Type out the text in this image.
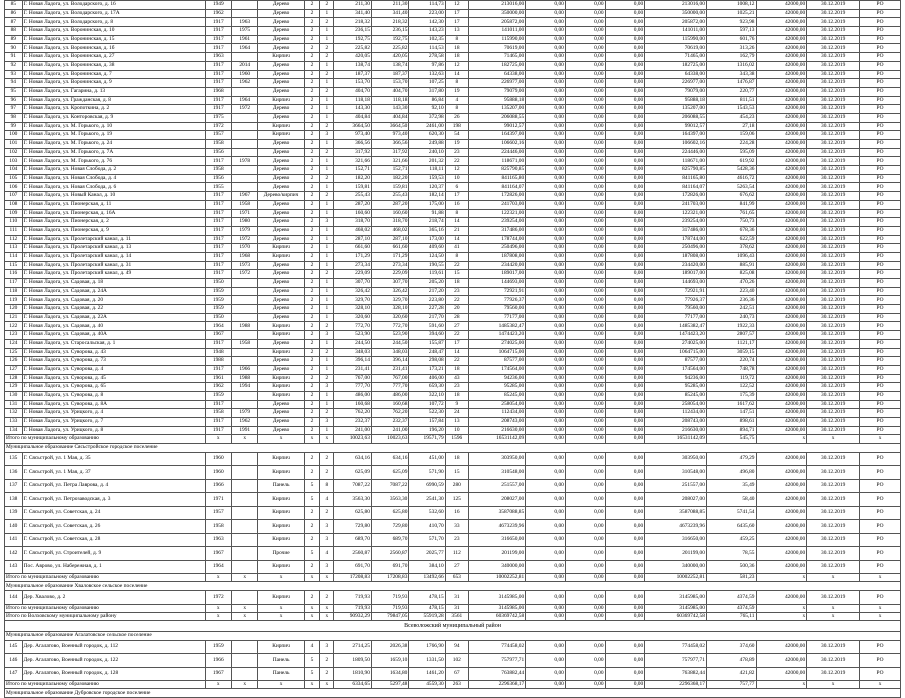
85	Г. Новая Ладога, ул. Володарского, д. 16	1949		Дерево	2	2	211,30	211,30	114,73	12	213016,00	0,00	0,00	0,00	213016,00	1008,12	42000,00	30.12.2019	РО
86	Г. Новая Ладога, ул. Володарского, д. 17А	1962		Дерево	2	1	341,40	341,40	223,00	17	350000,00	0,00	0,00	0,00	350000,00	1025,21	42000,00	30.12.2019	РО
87	Г. Новая Ладога, ул. Володарского, д. 8	1917	1963	Дерево	2	2	218,32	218,32	142,30	17	205872,00	0,00	0,00	0,00	205872,00	923,98	42000,00	30.12.2019	РО
88	Г. Новая Ладога, ул. Воронинская, д. 10	1917	1975	Дерево	2	1	236,15	236,15	143,23	13	141011,00	0,00	0,00	0,00	141011,00	597,13	42000,00	30.12.2019	РО
89	Г. Новая Ладога, ул. Воронинская, д. 15	1917	1961	Дерево	2	1	192,75	192,75	102,35	8	115990,00	0,00	0,00	0,00	115990,00	601,76	42000,00	30.12.2019	РО
90	Г. Новая Ладога, ул. Воронинская, д. 1б	1917	1964	Дерево	2	2	225,82	225,82	114,53	18	70619,00	0,00	0,00	0,00	70619,00	313,26	42000,00	30.12.2019	РО
91	Г. Новая Ладога, ул. Воронинская, д. 27	1963		Кирпич	2	2	420,05	420,05	278,58	18	71465,00	0,00	0,00	0,00	71465,00	162,79	42000,00	30.12.2019	РО
92	Г. Новая Ладога, ул. Воронинская, д. 38	1917	2014	Дерево	2	1	138,74	138,74	97,86	12	182725,00	0,00	0,00	0,00	182725,00	1316,02	42000,00	30.12.2019	РО
93	Г. Новая Ладога, ул. Воронинская, д. 7	1917	1960	Дерево	2	2	187,37	187,37	132,63	14	64338,00	0,00	0,00	0,00	64338,00	343,38	42000,00	30.12.2019	РО
94	Г. Новая Ладога, ул. Воронинская, д. 9	1917	1962	Дерево	2	1	153,70	153,70	107,25	8	226977,00	0,00	0,00	0,00	226977,00	1476,87	42000,00	30.12.2019	РО
95	Г. Новая Ладога, ул. Гагарина, д. 13	1968		Дерево	2	2	404,70	404,70	317,80	19	79079,00	0,00	0,00	0,00	79079,00	220,77	42000,00	30.12.2019	РО
96	Г. Новая Ладога, ул. Гражданская, д. 8	1917	1964	Кирпич	2	1	118,18	118,18	86,84	4	95888,18	0,00	0,00	0,00	95888,18	811,51	42000,00	30.12.2019	РО
97	Г. Новая Ладога, ул. Кропоткина, д. 2	1917	1972	Дерево	2	1	143,30	143,30	92,10	8	135207,00	0,00	0,00	0,00	135207,00	1543,53	42000,00	30.12.2019	РО
98	Г. Новая Ладога, ул. Конторовская, д. 9	1975		Дерево	2	1	404,84	404,84	372,98	26	206088,55	0,00	0,00	0,00	206088,55	454,23	42000,00	30.12.2019	РО
99	Г. Новая Ладога, ул. М. Горького, д. 10	1972		Кирпич	2	2	3664,50	3664,50	2461,00	198	99012,57	0,00	0,00	0,00	99012,57	27,18	42000,00	30.12.2019	РО
100	Г. Новая Ладога, ул. М. Горького, д. 19	1957		Кирпич	2	3	973,40	973,40	620,30	54	164397,00	0,00	0,00	0,00	164397,00	159,06	42000,00	30.12.2019	РО
101	Г. Новая Ладога, ул. М. Горького, д. 24	1958		Дерево	2	1	366,56	366,56	249,88	19	106602,16	0,00	0,00	0,00	106602,16	224,28	42000,00	30.12.2019	РО
102	Г. Новая Ладога, ул. М. Горького, д. 7А	1956		Дерево	2	2	317,92	317,92	240,10	23	224446,00	0,00	0,00	0,00	224446,00	595,09	42000,00	30.12.2019	РО
103	Г. Новая Ладога, ул. М. Горького, д. 76	1917	1978	Дерево	2	1	321,66	321,66	201,32	22	118671,00	0,00	0,00	0,00	118671,00	619,92	42000,00	30.12.2019	РО
104	Г. Новая Ладога, ул. Новая Слобода, д. 2	1958		Дерево	2	1	152,71	152,71	118,11	12	825790,85	0,00	0,00	0,00	825790,85	5428,36	42000,00	30.12.2019	РО
105	Г. Новая Ладога, ул. Новая Слобода, д. 4	1956		Дерево	2	2	182,20	182,20	159,53	10	841165,80	0,00	0,00	0,00	841165,80	4616,72	42000,00	30.12.2019	РО
106	Г. Новая Ладога, ул. Новая Слобода, д. 6	1955		Дерево	2	1	159,81	159,81	120,37	6	841164,07	0,00	0,00	0,00	841164,07	5263,54	42000,00	30.12.2019	РО
107	Г. Новая Ладога, ул. Новый Канал, д. 10	1917	1967	Дерево/кирпич	2	2	255,43	255,43	182,14	17	172826,00	0,00	0,00	0,00	172826,00	676,62	42000,00	30.12.2019	РО
108	Г. Новая Ладога, ул. Пионерская, д. 11	1917	1958	Дерево	2	1	287,20	287,20	175,00	16	241703,00	0,00	0,00	0,00	241703,00	841,99	42000,00	30.12.2019	РО
109	Г. Новая Ладога, ул. Пионерская, д. 16А	1917	1971	Дерево	2	1	160,60	160,60	91,88	8	122321,00	0,00	0,00	0,00	122321,00	761,65	42000,00	30.12.2019	РО
110	Г. Новая Ладога, ул. Пионерская, д. 2	1917	1980	Дерево	2	3	318,70	318,70	218,74	14	239254,00	0,00	0,00	0,00	239254,00	750,73	42000,00	30.12.2019	РО
111	Г. Новая Ладога, ул. Пионерская, д. 9	1917	1979	Дерево	2	1	468,02	468,02	365,16	21	317486,00	0,00	0,00	0,00	317486,00	678,36	42000,00	30.12.2019	РО
112	Г. Новая Ладога, ул. Пролетарский канал, д. 11	1917	1972	Дерево	2	1	287,10	287,10	173,00	14	178744,00	0,00	0,00	0,00	178744,00	622,59	42000,00	30.12.2019	РО
113	Г. Новая Ладога, ул. Пролетарский канал, д. 13	1917	1970	Кирпич	2	1	661,60	661,60	409,60	41	250496,00	0,00	0,00	0,00	250496,00	378,62	42000,00	30.12.2019	РО
114	Г. Новая Ладога, ул. Пролетарский канал, д. 14	1917	1968	Кирпич	2	1	171,29	171,29	124,50	8	187808,00	0,00	0,00	0,00	187808,00	1096,43	42000,00	30.12.2019	РО
115	Г. Новая Ладога, ул. Пролетарский канал, д. 31	1917	1973	Дерево	2	1	273,34	273,34	190,55	22	234420,00	0,00	0,00	0,00	234420,00	885,91	42000,00	30.12.2019	РО
116	Г. Новая Ладога, ул. Пролетарский канал, д. 49	1917	1972	Дерево	2	2	229,09	229,09	119,61	15	189017,00	0,00	0,00	0,00	189017,00	825,08	42000,00	30.12.2019	РО
117	Г. Новая Ладога, ул. Садовая, д. 18	1950		Дерево	2	1	307,70	307,70	205,20	18	144693,00	0,00	0,00	0,00	144693,00	470,26	42000,00	30.12.2019	РО
118	Г. Новая Ладога, ул. Садовая, д. 24А	1959		Дерево	2	1	326,42	326,42	217,20	23	72921,91	0,00	0,00	0,00	72921,91	223,40	42000,00	30.12.2019	РО
119	Г. Новая Ладога, ул. Садовая, д. 20	1959		Дерево	2	1	329,70	329,70	223,80	22	77926,37	0,00	0,00	0,00	77926,37	236,36	42000,00	30.12.2019	РО
120	Г. Новая Ладога, ул. Садовая, д. 22	1959		Дерево	2	1	328,10	328,10	227,28	20	79560,00	0,00	0,00	0,00	79560,00	242,51	42000,00	30.12.2019	РО
121	Г. Новая Ладога, ул. Садовая, д. 22А	1950		Дерево	2	1	320,60	320,60	217,70	28	77177,00	0,00	0,00	0,00	77177,00	240,73	42000,00	30.12.2019	РО
122	Г. Новая Ладога, ул. Садовая, д. 40	1964	1988	Кирпич	2	2	772,70	772,70	591,60	27	1485382,47	0,00	0,00	0,00	1485382,47	1922,33	42000,00	30.12.2019	РО
123	Г. Новая Ладога, ул. Садовая, д. 40А	1967		Кирпич	2	3	523,90	523,90	394,60	22	1474423,20	0,00	0,00	0,00	1474423,20	2807,57	42000,00	30.12.2019	РО
124	Г. Новая Ладога, ул. Старосальская, д. 1	1917	1958	Дерево	2	1	244,50	244,50	155,87	17	274025,00	0,00	0,00	0,00	274025,00	1121,17	42000,00	30.12.2019	РО
125	Г. Новая Ладога, ул. Суворова, д. 43	1948		Кирпич	2	2	348,03	348,03	248,47	14	1064715,00	0,00	0,00	0,00	1064715,00	3059,15	42000,00	30.12.2019	РО
126	Г. Новая Ладога, ул. Суворова, д. 73	1988		Дерево	2	1	396,14	396,14	298,08	22	87577,00	0,00	0,00	0,00	87577,00	220,74	42000,00	30.12.2019	РО
127	Г. Новая Ладога, ул. Суворова, д. 4	1917	1966	Дерево	2	1	231,41	231,41	173,21	18	174564,00	0,00	0,00	0,00	174564,00	748,78	42000,00	30.12.2019	РО
128	Г. Новая Ладога, ул. Суворова, д. 45	1961	1988	Кирпич	2	2	767,00	767,00	406,00	43	94236,00	0,00	0,00	0,00	94236,00	119,72	42000,00	30.12.2019	РО
129	Г. Новая Ладога, ул. Суворова, д. 65	1962	1994	Кирпич	2	3	777,70	777,70	659,30	23	95285,00	0,00	0,00	0,00	95285,00	122,52	42000,00	30.12.2019	РО
130	Г. Новая Ладога, ул. Суворова, д. 8	1959		Кирпич	2	1	486,00	486,00	322,10	18	85245,00	0,00	0,00	0,00	85245,00	175,39	42000,00	30.12.2019	РО
131	Г. Новая Ладога, ул. Суворова, д. 8А	1917		Дерево	2	1	160,68	160,68	107,72	9	258054,00	0,00	0,00	0,00	258054,00	1617,62	42000,00	30.12.2019	РО
132	Г. Новая Ладога, ул. Урицкого, д. 4	1958	1979	Дерево	2	2	762,20	762,20	522,30	24	112434,00	0,00	0,00	0,00	112434,00	147,51	42000,00	30.12.2019	РО
133	Г. Новая Ладога, ул. Урицкого, д. 7	1917	1962	Дерево	2	3	232,37	232,37	157,84	13	208743,00	0,00	0,00	0,00	208743,00	898,61	42000,00	30.12.2019	РО
134	Г. Новая Ладога, ул. Урицкого, д. 8	1917	1991	Дерево	2	1	241,00	241,00	196,20	10	216630,00	0,00	0,00	0,00	216630,00	894,71	42000,00	30.12.2019	РО
Итого по муниципальному образованию		х	х	х	х	х	10023,63	10023,63	19571,79	1596	16531142,09	0,00	0,00	0,00	16531142,09	545,75	х	х	х
Муниципальное образование Сясьстройское городское поселение																			
135	Г. Сясьстрой, ул. 1 Мая, д. 35	1960		Кирпич	2	2	634,16	634,16	451,00	18	303950,00	0,00	0,00	0,00	303950,00	479,29	42000,00	30.12.2019	РО
136	Г. Сясьстрой, ул. 1 Мая, д. 37	1960		Кирпич	2	2	625,09	625,09	571,90	15	310548,00	0,00	0,00	0,00	310548,00	496,80	42000,00	30.12.2019	РО
137	Г. Сясьстрой, ул. Петра Лаврова, д. 4	1966		Панель	5	8	7087,22	7087,22	6990,59	280	251557,00	0,00	0,00	0,00	251557,00	35,49	42000,00	30.12.2019	РО
138	Г. Сясьстрой, ул. Петрозаводская, д. 3	1971		Кирпич	5	4	3563,30	3563,30	2541,30	125	208027,00	0,00	0,00	0,00	208027,00	58,40	42000,00	30.12.2019	РО
139	Г. Сясьстрой, ул. Советская, д. 24	1957		Кирпич	2	2	625,80	625,80	532,60	16	3587088,85	0,00	0,00	0,00	3587088,85	5741,54	42000,00	30.12.2019	РО
140	Г. Сясьстрой, ул. Советская, д. 26	1958		Кирпич	2	3	729,80	729,80	410,70	33	4673239,96	0,00	0,00	0,00	4673239,96	6435,60	42000,00	30.12.2019	РО
141	Г. Сясьстрой, ул. Советская, д. 28	1963		Кирпич	2	3	689,70	689,70	571,70	23	316650,00	0,00	0,00	0,00	316650,00	459,25	42000,00	30.12.2019	РО
142	Г. Сясьстрой, ул. Строителей, д. 9	1967		Прочие	5	4	2560,87	2560,87	2025,77	112	201199,00	0,00	0,00	0,00	201199,00	78,55	42000,00	30.12.2019	РО
143	Пос. Аврово, ул. Набережная, д. 1	1964		Кирпич	2	3	691,70	691,70	384,10	27	340000,00	0,00	0,00	0,00	340000,00	500,36	42000,00	30.12.2019	РО
Итого по муниципальному образованию		х	х	х	х	х	17208,83	17208,83	13492,66	653	10002252,81	0,00	0,00	0,00	10002252,81	581,23	х	х	х
Муниципальное образование Хваловское сельское поселение																			
144	Дер. Хвалово, д. 2	1972		Кирпич	2	2	719,93	719,93	478,15	31	3145985,00	0,00	0,00	0,00	3145985,00	4374,59	42000,00	30.12.2019	РО
Итого по муниципальному образованию		х	х	х	х	х	719,93	719,93	478,15	31	3145985,00	0,00	0,00	0,00	3145985,00	4374,59	х	х	х
Итого по Волховскому муниципальному району		х	х	х	х	х	90932,29	79847,05	55919,28	3561	60369742,58	0,00	0,00	0,00	60369742,58	765,11	х	х	х
Всеволожский муниципальный район																			
Муниципальное образование Агалатовское сельское поселение																			
145	Дер. Агалатово, Военный городок, д. 112	1959		Кирпич	4	3	2714,25	2026,38	1766,90	94	774458,02	0,00	0,00	0,00	774458,02	374,60	42000,00	30.12.2019	РО
146	Дер. Агалатово, Военный городок, д. 122	1966		Панель	5	2	1809,50	1659,10	1331,50	102	757977,71	0,00	0,00	0,00	757977,71	478,89	42000,00	30.12.2019	РО
147	Дер. Агалатово, Военный городок, д. 128	1967		Панель	5	2	1810,90	1634,80	1461,20	67	763882,44	0,00	0,00	0,00	763882,44	421,82	42000,00	30.12.2019	РО
Итого по муниципальному образованию		х	х	х	х	х	6334,65	5297,48	4559,30	263	2296368,17	0,00	0,00	0,00	2296368,17	757,77	х	х	х
Муниципальное образование Дубровское городское поселение																			
